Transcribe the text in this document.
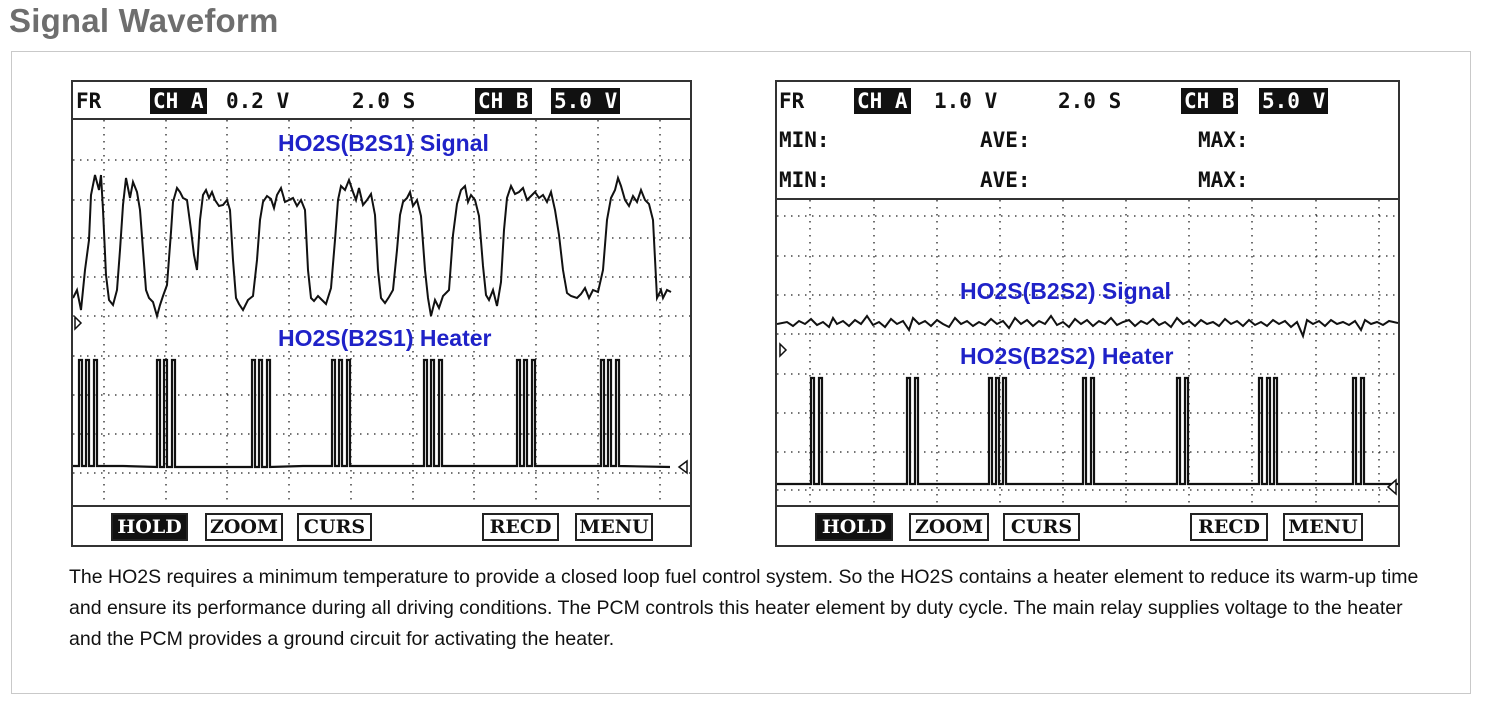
Signal Waveform
FR CH A 0.2 V	2.0 S	CH B 5.0 V
HO2S(B2S1) Signal
HO2S(B2S1) Heater
HOLD	ZOOM	CURS	RECD	MENU
FR	CH A 1.0 V	2.0 S	CH B 5.0 V
MIN:	AVE:	MAX:
MIN:	AVE:	MAX:
HO2S(B2S2) Signal
HO2S(B2S2) Heater
HOLD	ZOOM	CURS	RECD	MENU
The HO2S requires a minimum temperature to provide a closed loop fuel control system. So the HO2S contains a heater element to reduce its warm-up time and ensure its performance during all driving conditions. The PCM controls this heater element by duty cycle. The main relay supplies voltage to the heater and the PCM provides a ground circuit for activating the heater.
